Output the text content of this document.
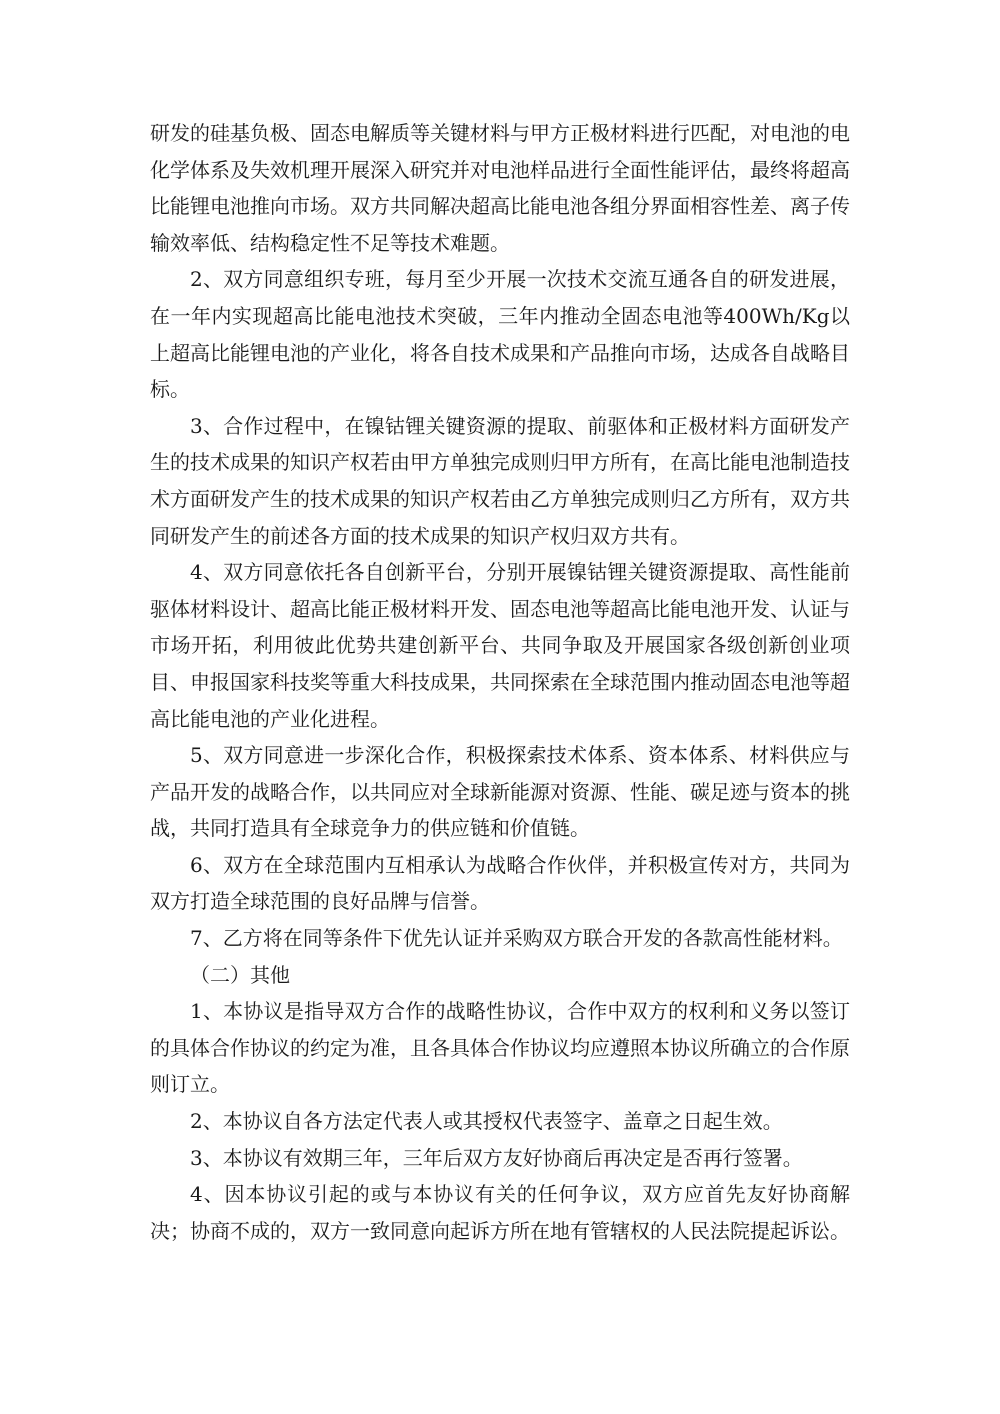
研发的硅基负极、固态电解质等关键材料与甲方正极材料进行匹配，对电池的电化学体系及失效机理开展深入研究并对电池样品进行全面性能评估，最终将超高比能锂电池推向市场。双方共同解决超高比能电池各组分界面相容性差、离子传输效率低、结构稳定性不足等技术难题。

2、双方同意组织专班，每月至少开展一次技术交流互通各自的研发进展，在一年内实现超高比能电池技术突破，三年内推动全固态电池等400Wh/Kg以上超高比能锂电池的产业化，将各自技术成果和产品推向市场，达成各自战略目标。

3、合作过程中，在镍钴锂关键资源的提取、前驱体和正极材料方面研发产生的技术成果的知识产权若由甲方单独完成则归甲方所有，在高比能电池制造技术方面研发产生的技术成果的知识产权若由乙方单独完成则归乙方所有，双方共同研发产生的前述各方面的技术成果的知识产权归双方共有。

4、双方同意依托各自创新平台，分别开展镍钴锂关键资源提取、高性能前驱体材料设计、超高比能正极材料开发、固态电池等超高比能电池开发、认证与市场开拓，利用彼此优势共建创新平台、共同争取及开展国家各级创新创业项目、申报国家科技奖等重大科技成果，共同探索在全球范围内推动固态电池等超高比能电池的产业化进程。

5、双方同意进一步深化合作，积极探索技术体系、资本体系、材料供应与产品开发的战略合作，以共同应对全球新能源对资源、性能、碳足迹与资本的挑战，共同打造具有全球竞争力的供应链和价值链。

6、双方在全球范围内互相承认为战略合作伙伴，并积极宣传对方，共同为双方打造全球范围的良好品牌与信誉。

7、乙方将在同等条件下优先认证并采购双方联合开发的各款高性能材料。

（二）其他

1、本协议是指导双方合作的战略性协议，合作中双方的权利和义务以签订的具体合作协议的约定为准，且各具体合作协议均应遵照本协议所确立的合作原则订立。

2、本协议自各方法定代表人或其授权代表签字、盖章之日起生效。

3、本协议有效期三年，三年后双方友好协商后再决定是否再行签署。

4、因本协议引起的或与本协议有关的任何争议，双方应首先友好协商解决；协商不成的，双方一致同意向起诉方所在地有管辖权的人民法院提起诉讼。
